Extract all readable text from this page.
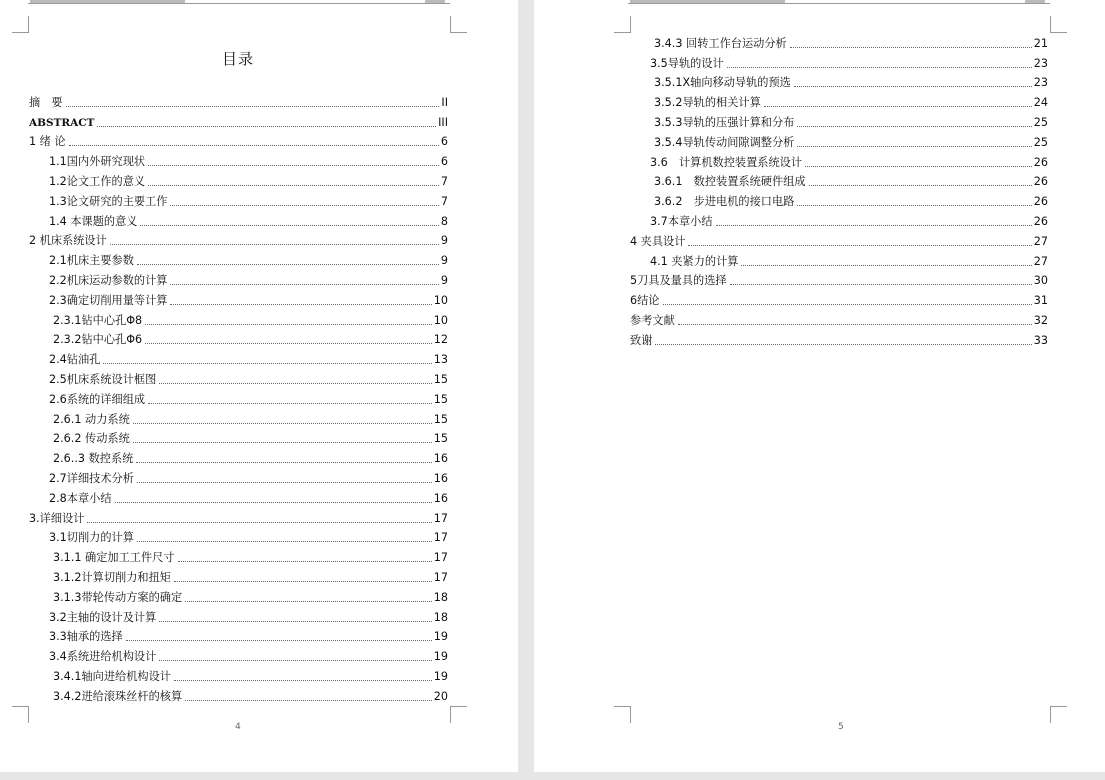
目录
摘　要	II
ABSTRACT	III
1 绪 论	6
1.1国内外研究现状	6
1.2论文工作的意义	7
1.3论文研究的主要工作	7
1.4 本课题的意义	8
2 机床系统设计	9
2.1机床主要参数	9
2.2机床运动参数的计算	9
2.3确定切削用量等计算	10
2.3.1钻中心孔Φ8	10
2.3.2钻中心孔Φ6	12
2.4钻油孔	13
2.5机床系统设计框图	15
2.6系统的详细组成	15
2.6.1 动力系统	15
2.6.2 传动系统	15
2.6..3 数控系统	16
2.7详细技术分析	16
2.8本章小结	16
3.详细设计	17
3.1切削力的计算	17
3.1.1 确定加工工件尺寸	17
3.1.2计算切削力和扭矩	17
3.1.3带轮传动方案的确定	18
3.2主轴的设计及计算	18
3.3轴承的选择	19
3.4系统进给机构设计	19
3.4.1轴向进给机构设计	19
3.4.2进给滚珠丝杆的核算	20
4
3.4.3 回转工作台运动分析	21
3.5导轨的设计	23
3.5.1X轴向移动导轨的预选	23
3.5.2导轨的相关计算	24
3.5.3导轨的压强计算和分布	25
3.5.4导轨传动间隙调整分析	25
3.6　计算机数控装置系统设计	26
3.6.1　数控装置系统硬件组成	26
3.6.2　步进电机的接口电路	26
3.7本章小结	26
4 夹具设计	27
4.1 夹紧力的计算	27
5刀具及量具的选择	30
6结论	31
参考文献	32
致谢	33
5
